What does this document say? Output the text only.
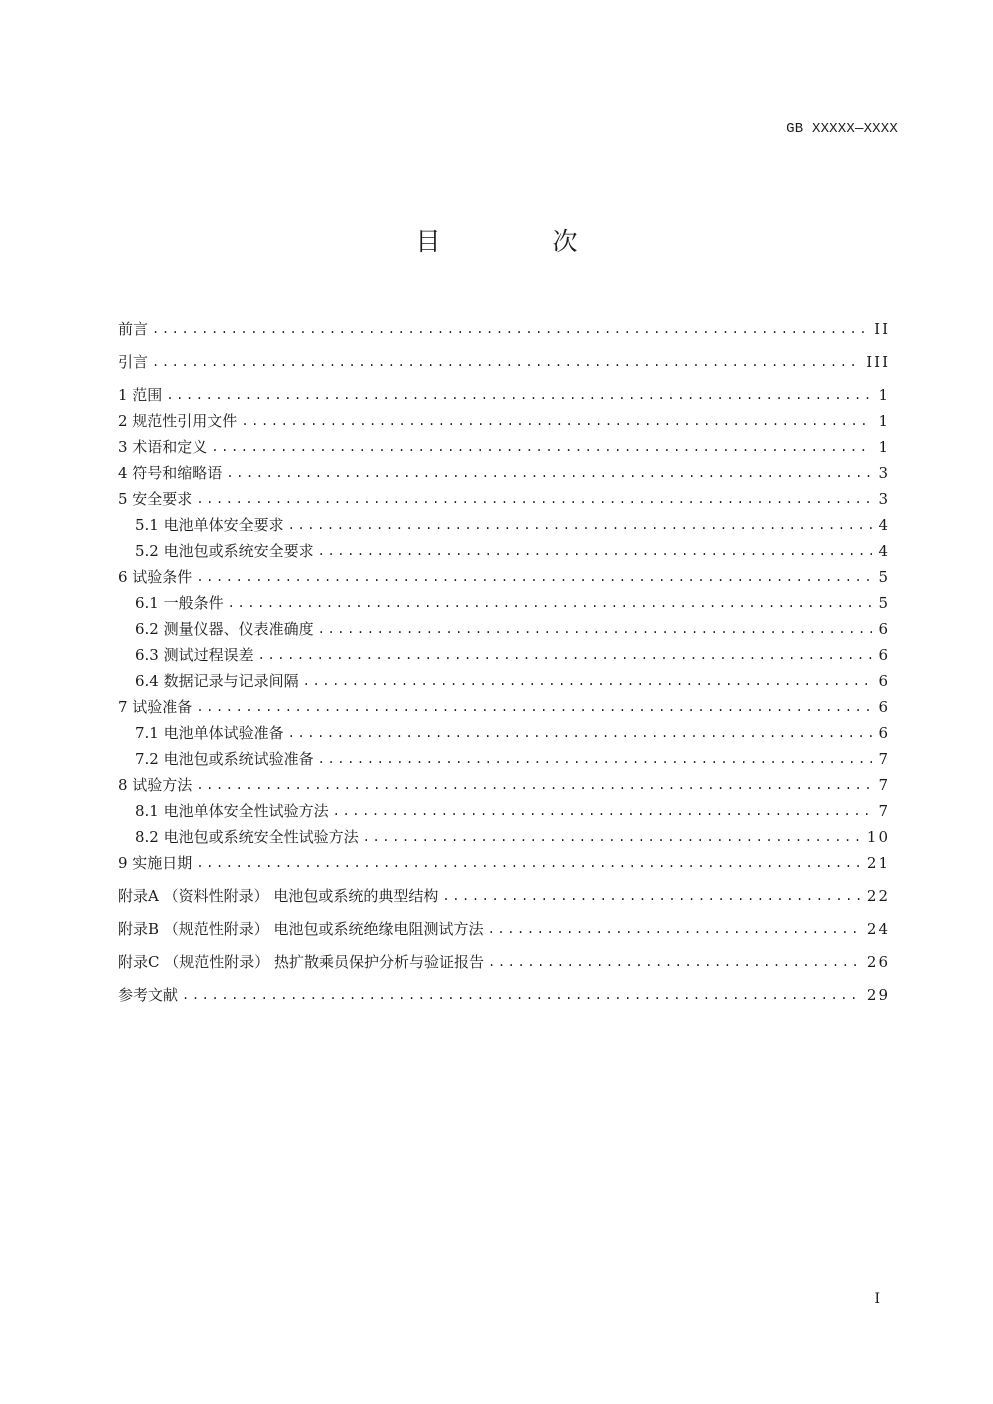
GB XXXXX—XXXX
目 次
前言 .....	II
引言 .....	III
1 范围 .....	1
2 规范性引用文件 .....	1
3 术语和定义 .....	1
4 符号和缩略语 .....	3
5 安全要求 .....	3
5.1 电池单体安全要求 .....	4
5.2 电池包或系统安全要求 .....	4
6 试验条件 .....	5
6.1 一般条件 .....	5
6.2 测量仪器、仪表准确度 .....	6
6.3 测试过程误差 .....	6
6.4 数据记录与记录间隔 .....	6
7 试验准备 .....	6
7.1 电池单体试验准备 .....	6
7.2 电池包或系统试验准备 .....	7
8 试验方法 .....	7
8.1 电池单体安全性试验方法 .....	7
8.2 电池包或系统安全性试验方法 .....	10
9 实施日期 .....	21
附录A （资料性附录） 电池包或系统的典型结构 .....	22
附录B （规范性附录） 电池包或系统绝缘电阻测试方法 .....	24
附录C （规范性附录） 热扩散乘员保护分析与验证报告 .....	26
参考文献 .....	29
I
